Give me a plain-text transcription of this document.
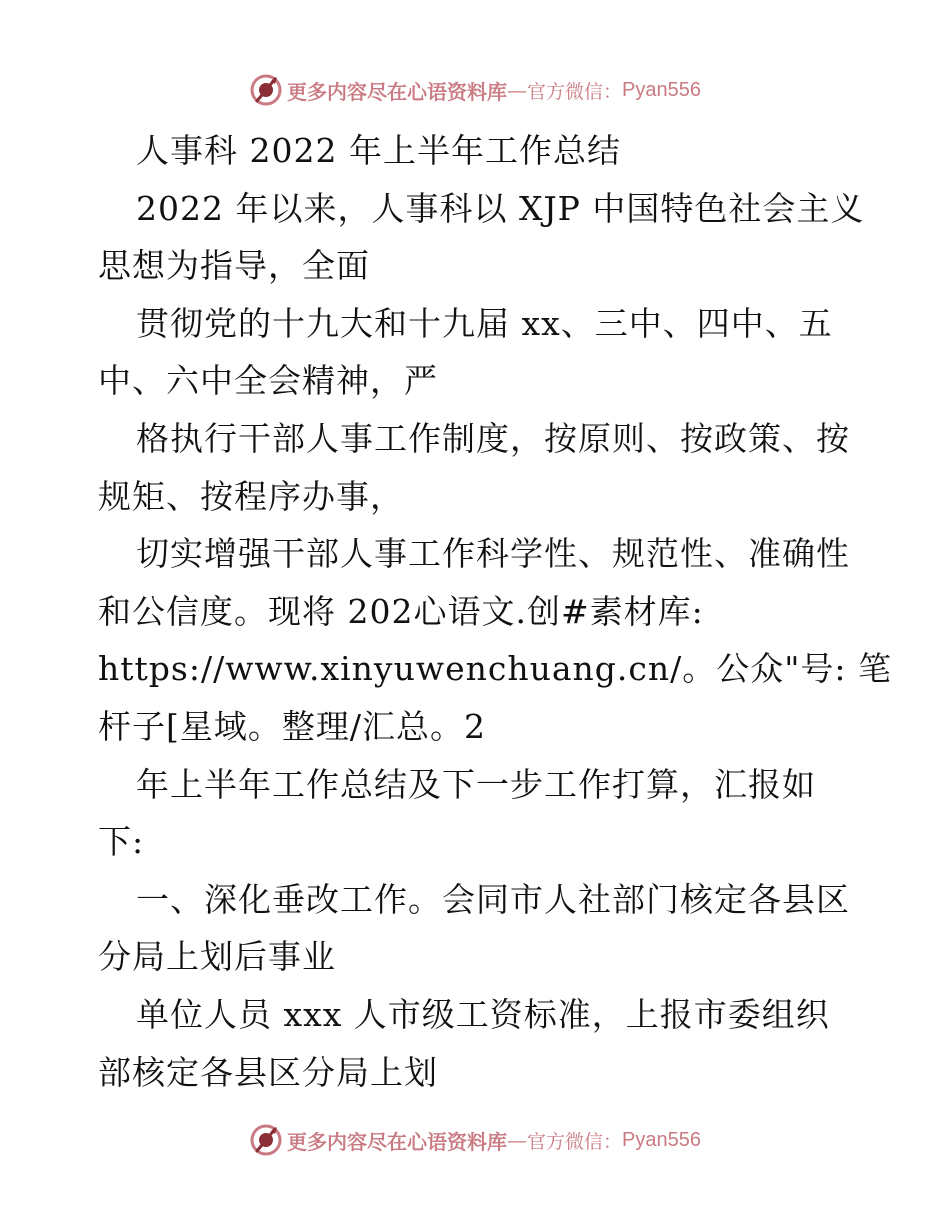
更多内容尽在心语资料库 — 官方微信： Pyan556
人事科 2022 年上半年工作总结
2022 年以来，人事科以 XJP 中国特色社会主义
思想为指导，全面
贯彻党的十九大和十九届 xx、三中、四中、五
中、六中全会精神，严
格执行干部人事工作制度，按原则、按政策、按
规矩、按程序办事，
切实增强干部人事工作科学性、规范性、准确性
和公信度。现将 202心语文.创#素材库:
https://www.xinyuwenchuang.cn/。公众"号: 笔
杆子[星域。整理/汇总。2
年上半年工作总结及下一步工作打算，汇报如
下:
一、深化垂改工作。会同市人社部门核定各县区
分局上划后事业
单位人员 xxx 人市级工资标准，上报市委组织
部核定各县区分局上划
更多内容尽在心语资料库 — 官方微信： Pyan556
